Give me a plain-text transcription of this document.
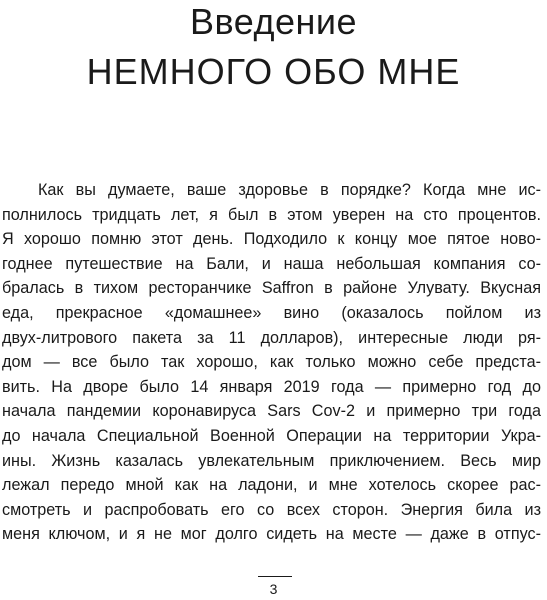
Введение
НЕМНОГО ОБО МНЕ
Как вы думаете, ваше здоровье в порядке? Когда мне ис-
полнилось тридцать лет, я был в этом уверен на сто процентов.
Я хорошо помню этот день. Подходило к концу мое пятое ново-
годнее путешествие на Бали, и наша небольшая компания со-
бралась в тихом ресторанчике Saffron в районе Улувату. Вкусная
еда, прекрасное «домашнее» вино (оказалось пойлом из
двух-литрового пакета за 11 долларов), интересные люди ря-
дом — все было так хорошо, как только можно себе предста-
вить. На дворе было 14 января 2019 года — примерно год до
начала пандемии коронавируса Sars Cov-2 и примерно три года
до начала Специальной Военной Операции на территории Укра-
ины. Жизнь казалась увлекательным приключением. Весь мир
лежал передо мной как на ладони, и мне хотелось скорее рас-
смотреть и распробовать его со всех сторон. Энергия била из
меня ключом, и я не мог долго сидеть на месте — даже в отпус-
3
